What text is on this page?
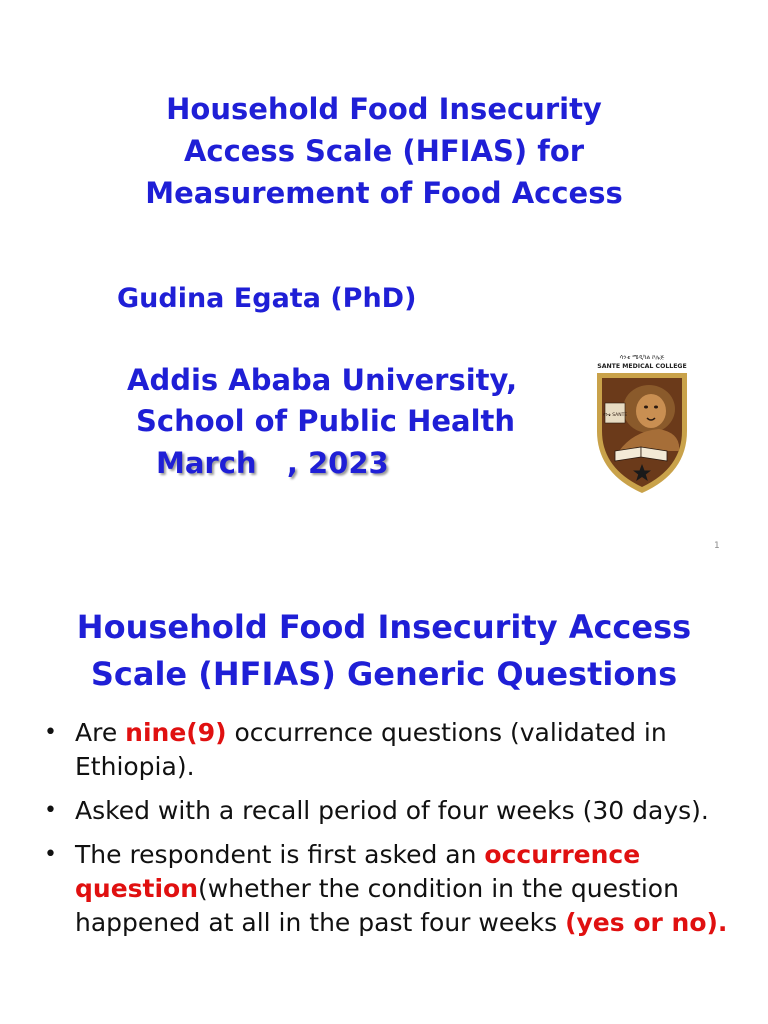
Household Food Insecurity
Access Scale (HFIAS) for
Measurement of Food Access
Gudina Egata (PhD)
Addis Ababa University,
School of Public Health
March   , 2023
ሳንቴ ሜዲካል ኮሌጅ
SANTE MEDICAL COLLEGE
ሳንቴ SANTE
1
Household Food Insecurity Access
Scale (HFIAS) Generic Questions
• Are nine(9) occurrence questions (validated in Ethiopia).
• Asked with a recall period of four weeks (30 days).
• The respondent is first asked an occurrence question(whether the condition in the question happened at all in the past four weeks (yes or no).
